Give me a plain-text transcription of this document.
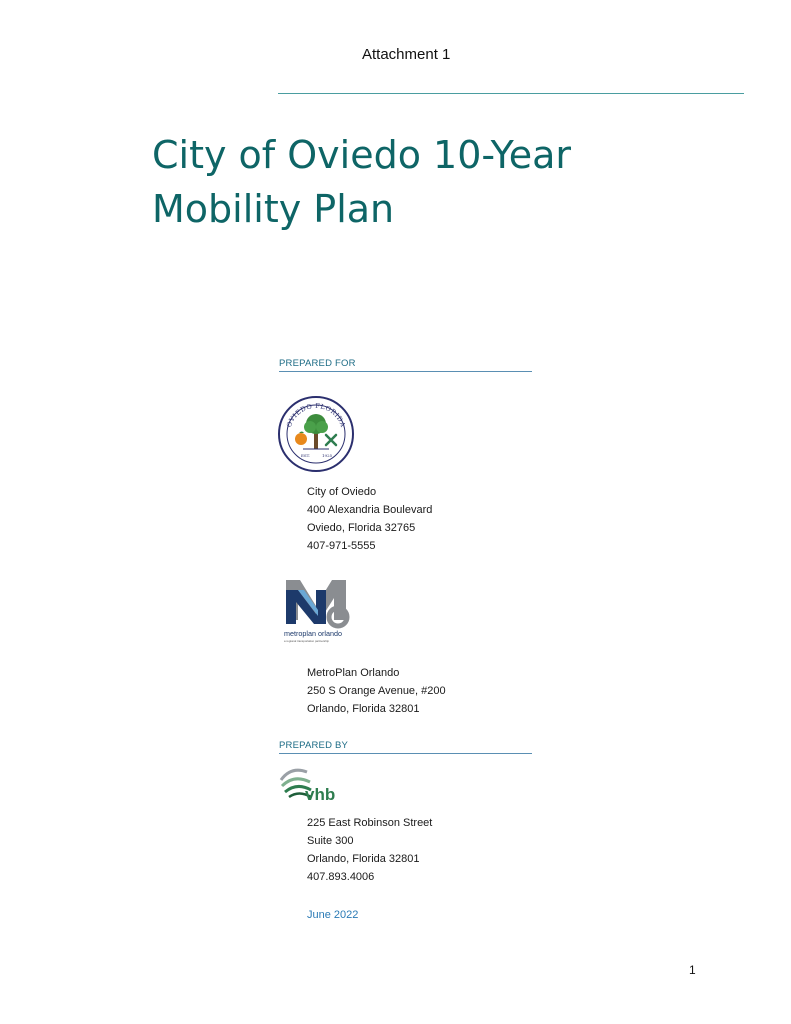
Attachment 1
City of Oviedo 10-Year
Mobility Plan
PREPARED FOR
OVIEDO FLORIDA
EST.	1925
City of Oviedo
400 Alexandria Boulevard
Oviedo, Florida 32765
407-971-5555
metroplan orlando
a regional transportation partnership
MetroPlan Orlando
250 S Orange Avenue, #200
Orlando, Florida 32801
PREPARED BY
vhb
225 East Robinson Street
Suite 300
Orlando, Florida 32801
407.893.4006
June 2022
1
